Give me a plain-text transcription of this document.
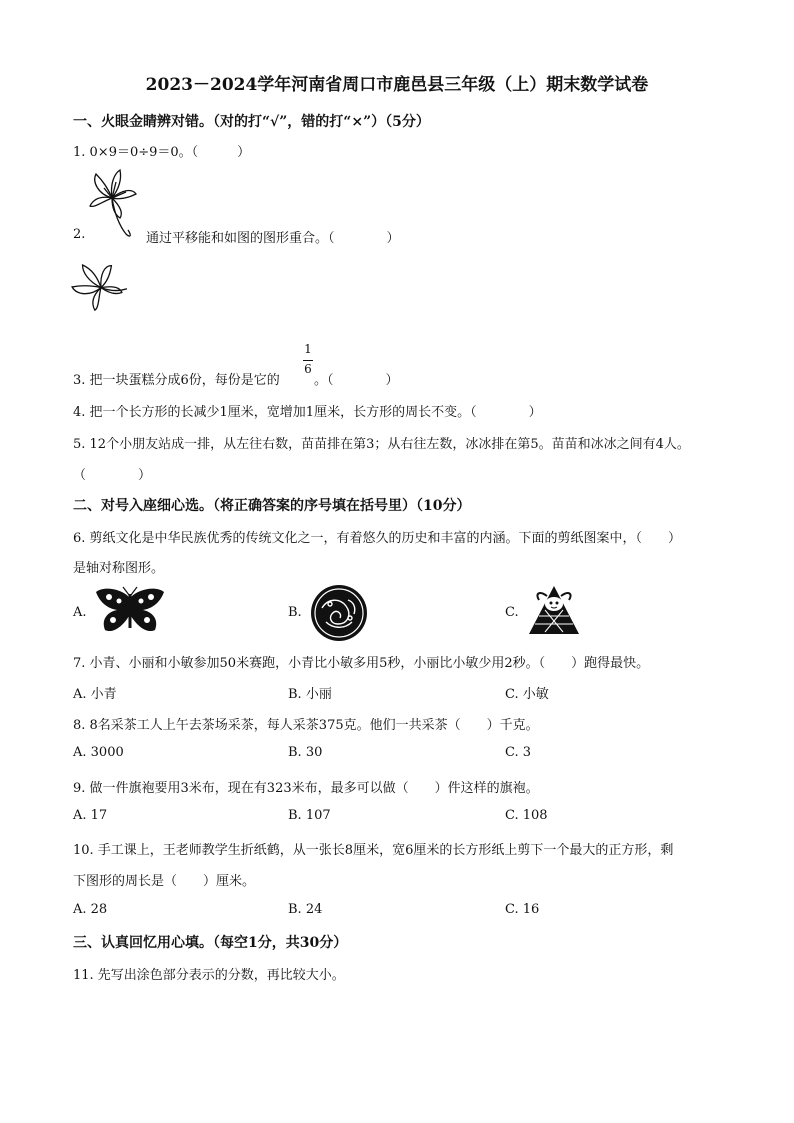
2023－2024学年河南省周口市鹿邑县三年级（上）期末数学试卷
一、火眼金睛辨对错。（对的打“√”，错的打“×”）（5分）
1. 0×9＝0÷9＝0。（　　　）
2.	通过平移能和如图的图形重合。（　　　　）
3. 把一块蛋糕分成6份，每份是它的
1
6
。（　　　　）
4. 把一个长方形的长减少1厘米，宽增加1厘米，长方形的周长不变。（　　　　）
5. 12个小朋友站成一排，从左往右数，苗苗排在第3；从右往左数，冰冰排在第5。苗苗和冰冰之间有4人。
（　　　　）
二、对号入座细心选。（将正确答案的序号填在括号里）（10分）
6. 剪纸文化是中华民族优秀的传统文化之一，有着悠久的历史和丰富的内涵。下面的剪纸图案中，（　　）
是轴对称图形。
A.	B.	C.
7. 小青、小丽和小敏参加50米赛跑，小青比小敏多用5秒，小丽比小敏少用2秒。（　　）跑得最快。
A. 小青	B. 小丽	C. 小敏
8. 8名采茶工人上午去茶场采茶，每人采茶375克。他们一共采茶（　　）千克。
A. 3000	B. 30	C. 3
9. 做一件旗袍要用3米布，现在有323米布，最多可以做（　　）件这样的旗袍。
A. 17	B. 107	C. 108
10. 手工课上，王老师教学生折纸鹤，从一张长8厘米，宽6厘米的长方形纸上剪下一个最大的正方形，剩
下图形的周长是（　　）厘米。
A. 28	B. 24	C. 16
三、认真回忆用心填。（每空1分，共30分）
11. 先写出涂色部分表示的分数，再比较大小。
